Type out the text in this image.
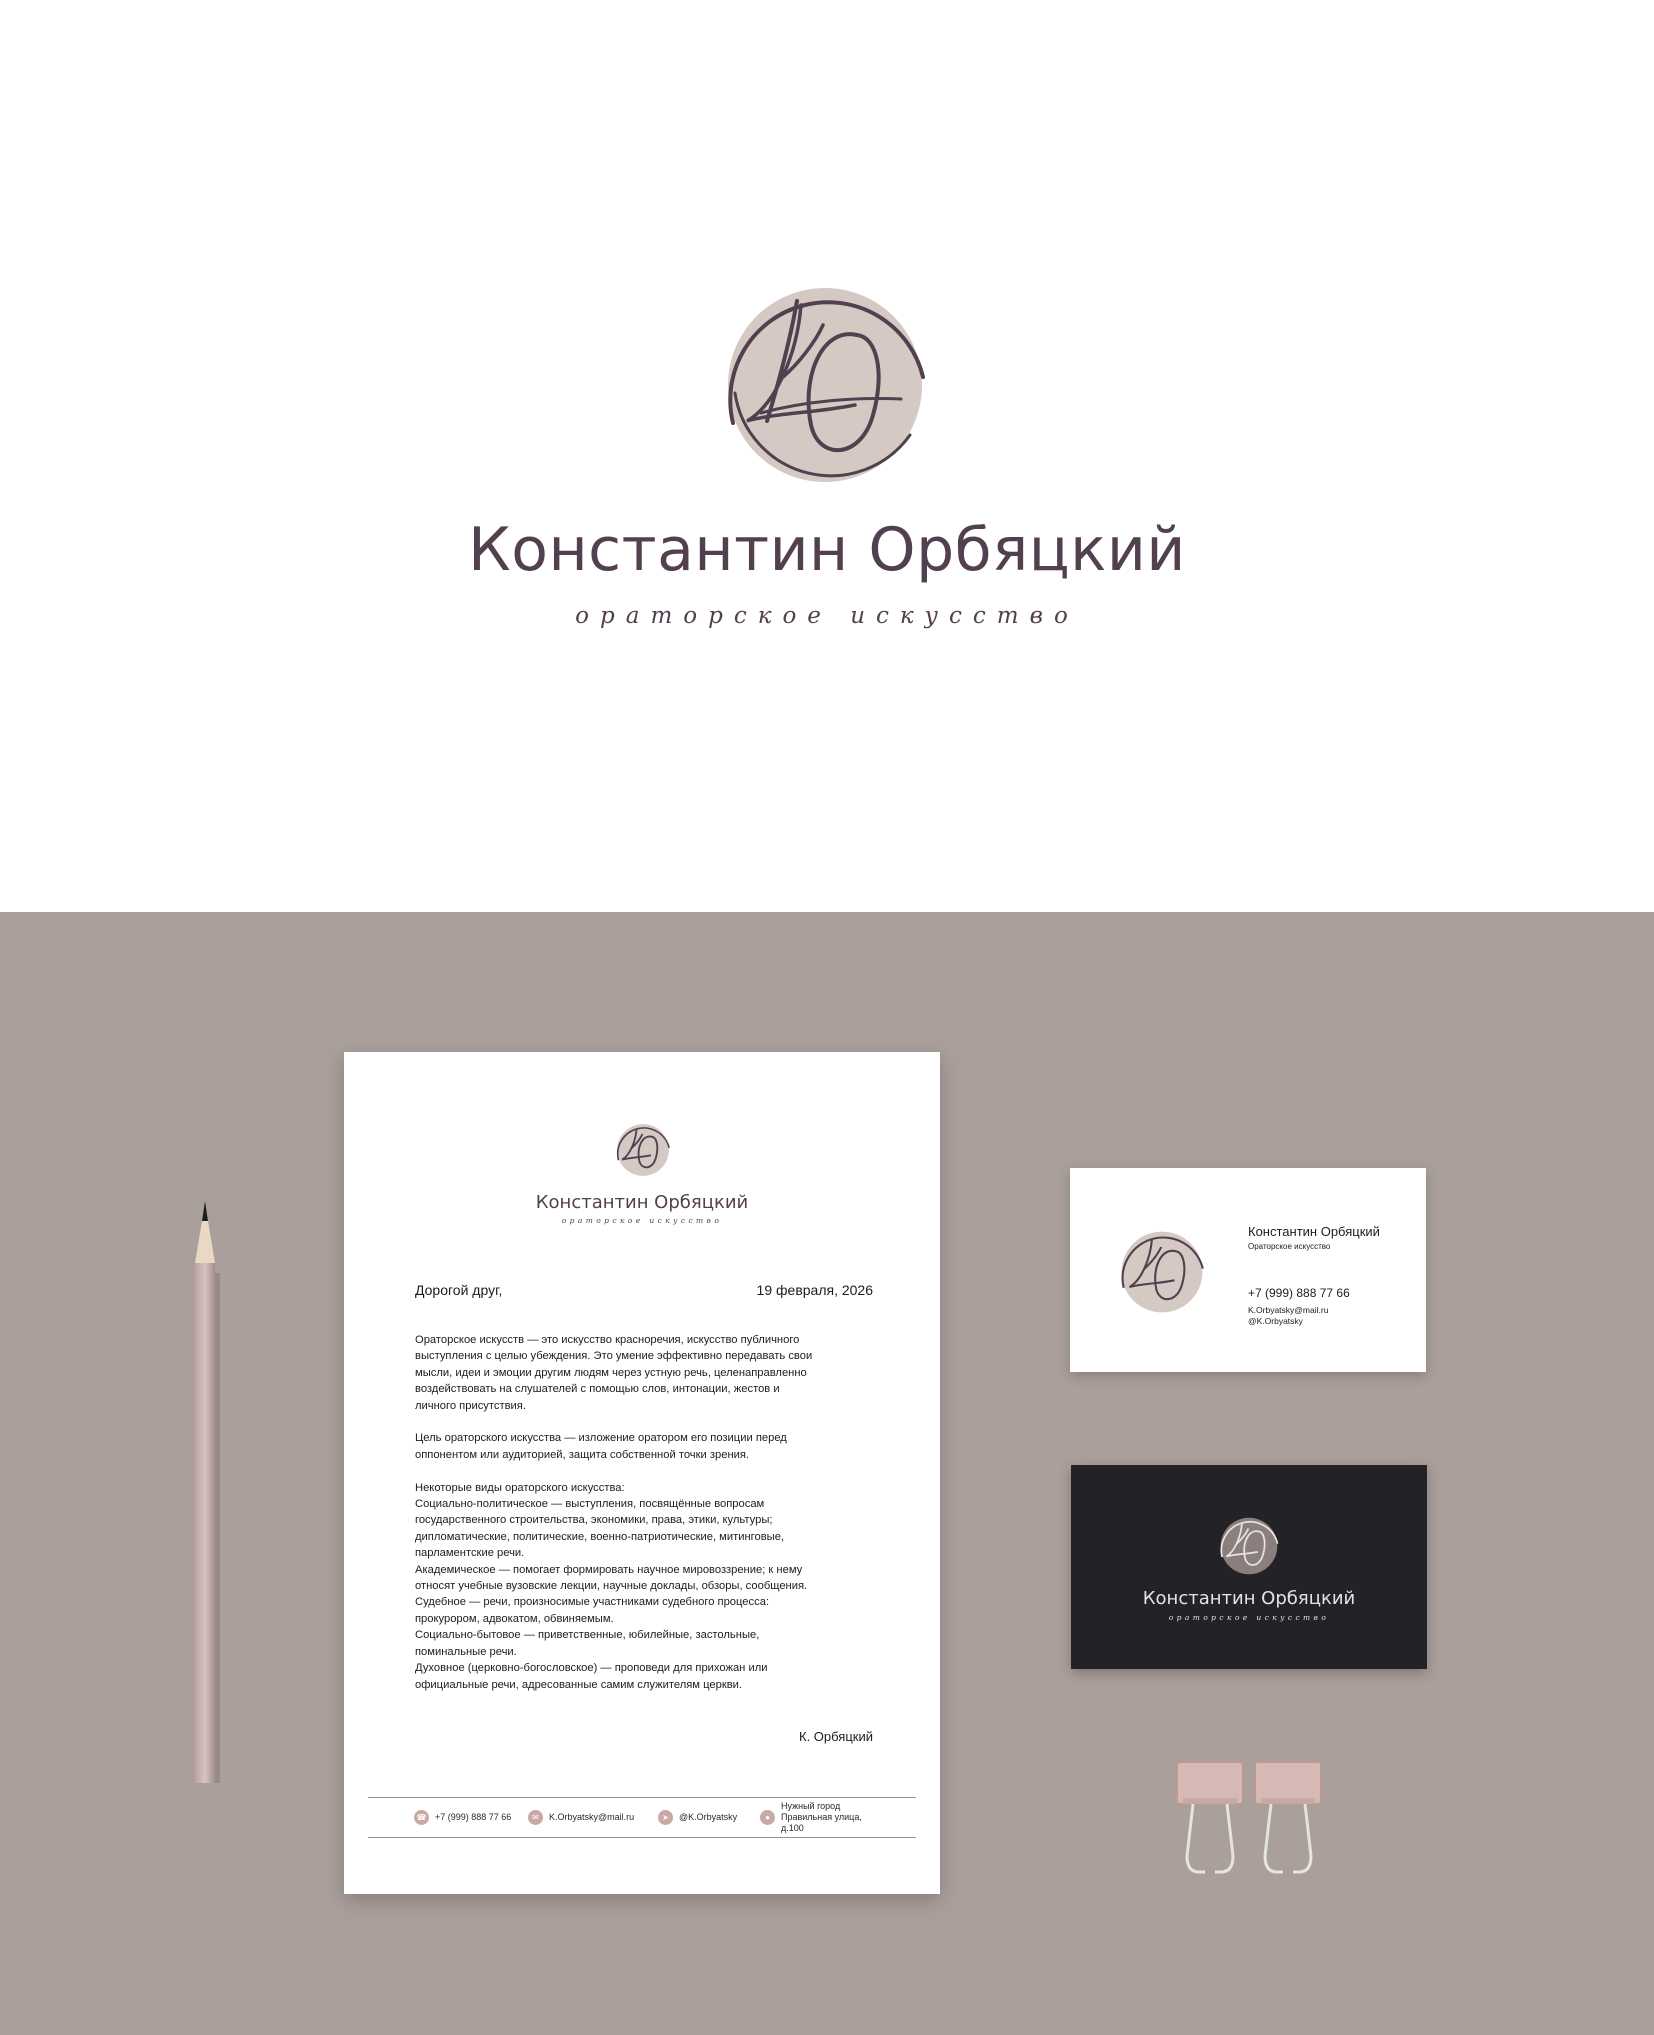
Константин Орбяцкий
ораторское искусство
Константин Орбяцкий
ораторское искусство
Дорогой друг,	19 февраля, 2026

Ораторское искусств — это искусство красноречия, искусство публичного
выступления с целью убеждения. Это умение эффективно передавать свои
мысли, идеи и эмоции другим людям через устную речь, целенаправленно
воздействовать на слушателей с помощью слов, интонации, жестов и
личного присутствия.

Цель ораторского искусства — изложение оратором его позиции перед
оппонентом или аудиторией, защита собственной точки зрения.

Некоторые виды ораторского искусства:
Социально-политическое — выступления, посвящённые вопросам
государственного строительства, экономики, права, этики, культуры;
дипломатические, политические, военно-патриотические, митинговые,
парламентские речи.
Академическое — помогает формировать научное мировоззрение; к нему
относят учебные вузовские лекции, научные доклады, обзоры, сообщения.
Судебное — речи, произносимые участниками судебного процесса:
прокурором, адвокатом, обвиняемым.
Социально-бытовое — приветственные, юбилейные, застольные,
поминальные речи.
Духовное (церковно-богословское) — проповеди для прихожан или
официальные речи, адресованные самим служителям церкви.

К. Орбяцкий
☎ +7 (999) 888 77 66	✉	K.Orbyatsky@mail.ru	➤	@K.Orbyatsky	●
Нужный город
Правильная улица, д.100
Константин Орбяцкий
Ораторское искусство
+7 (999) 888 77 66
K.Orbyatsky@mail.ru
@K.Orbyatsky
Константин Орбяцкий
ораторское искусство
